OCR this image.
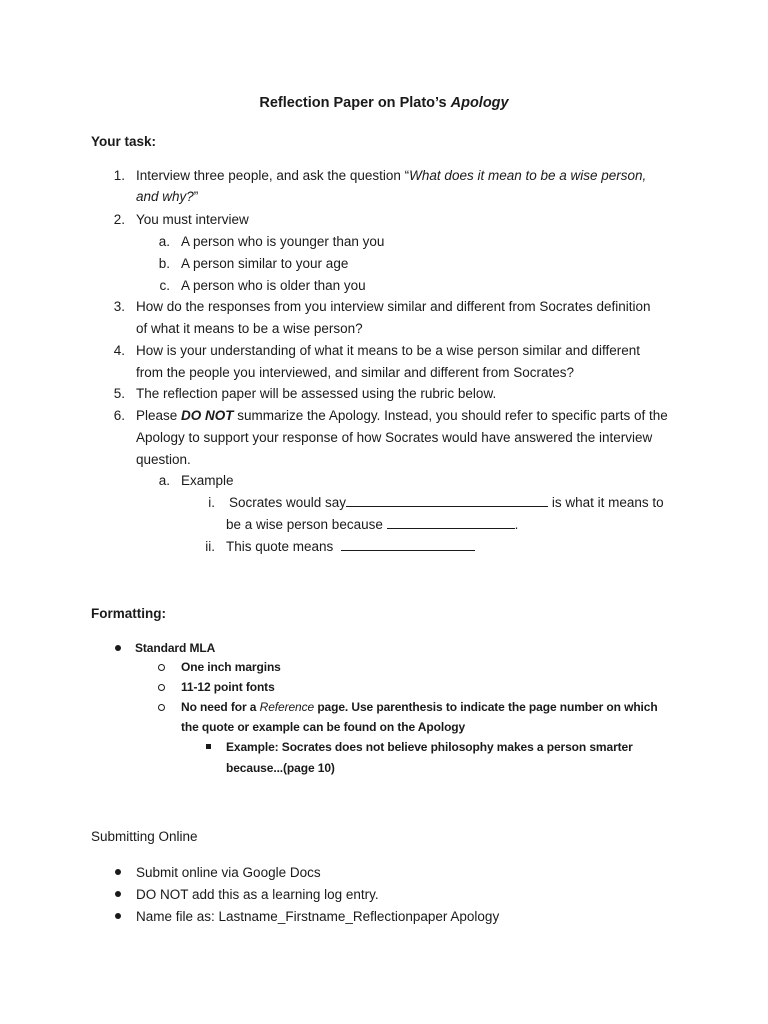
Reflection Paper on Plato’s Apology
Your task:
1. Interview three people, and ask the question “What does it mean to be a wise person,
and why?”
2. You must interview
a. A person who is younger than you
b. A person similar to your age
c. A person who is older than you
3. How do the responses from you interview similar and different from Socrates definition
of what it means to be a wise person?
4. How is your understanding of what it means to be a wise person similar and different
from the people you interviewed, and similar and different from Socrates?
5. The reflection paper will be assessed using the rubric below.
6. Please DO NOT summarize the Apology. Instead, you should refer to specific parts of the
Apology to support your response of how Socrates would have answered the interview
question.
a. Example
i. Socrates would say	is what it means to
be a wise person because	.
ii. This quote means
Formatting:
Standard MLA
One inch margins
11-12 point fonts
No need for a Reference page. Use parenthesis to indicate the page number on which
the quote or example can be found on the Apology
Example: Socrates does not believe philosophy makes a person smarter
because...(page 10)
Submitting Online
Submit online via Google Docs
DO NOT add this as a learning log entry.
Name file as: Lastname_Firstname_Reflectionpaper Apology
